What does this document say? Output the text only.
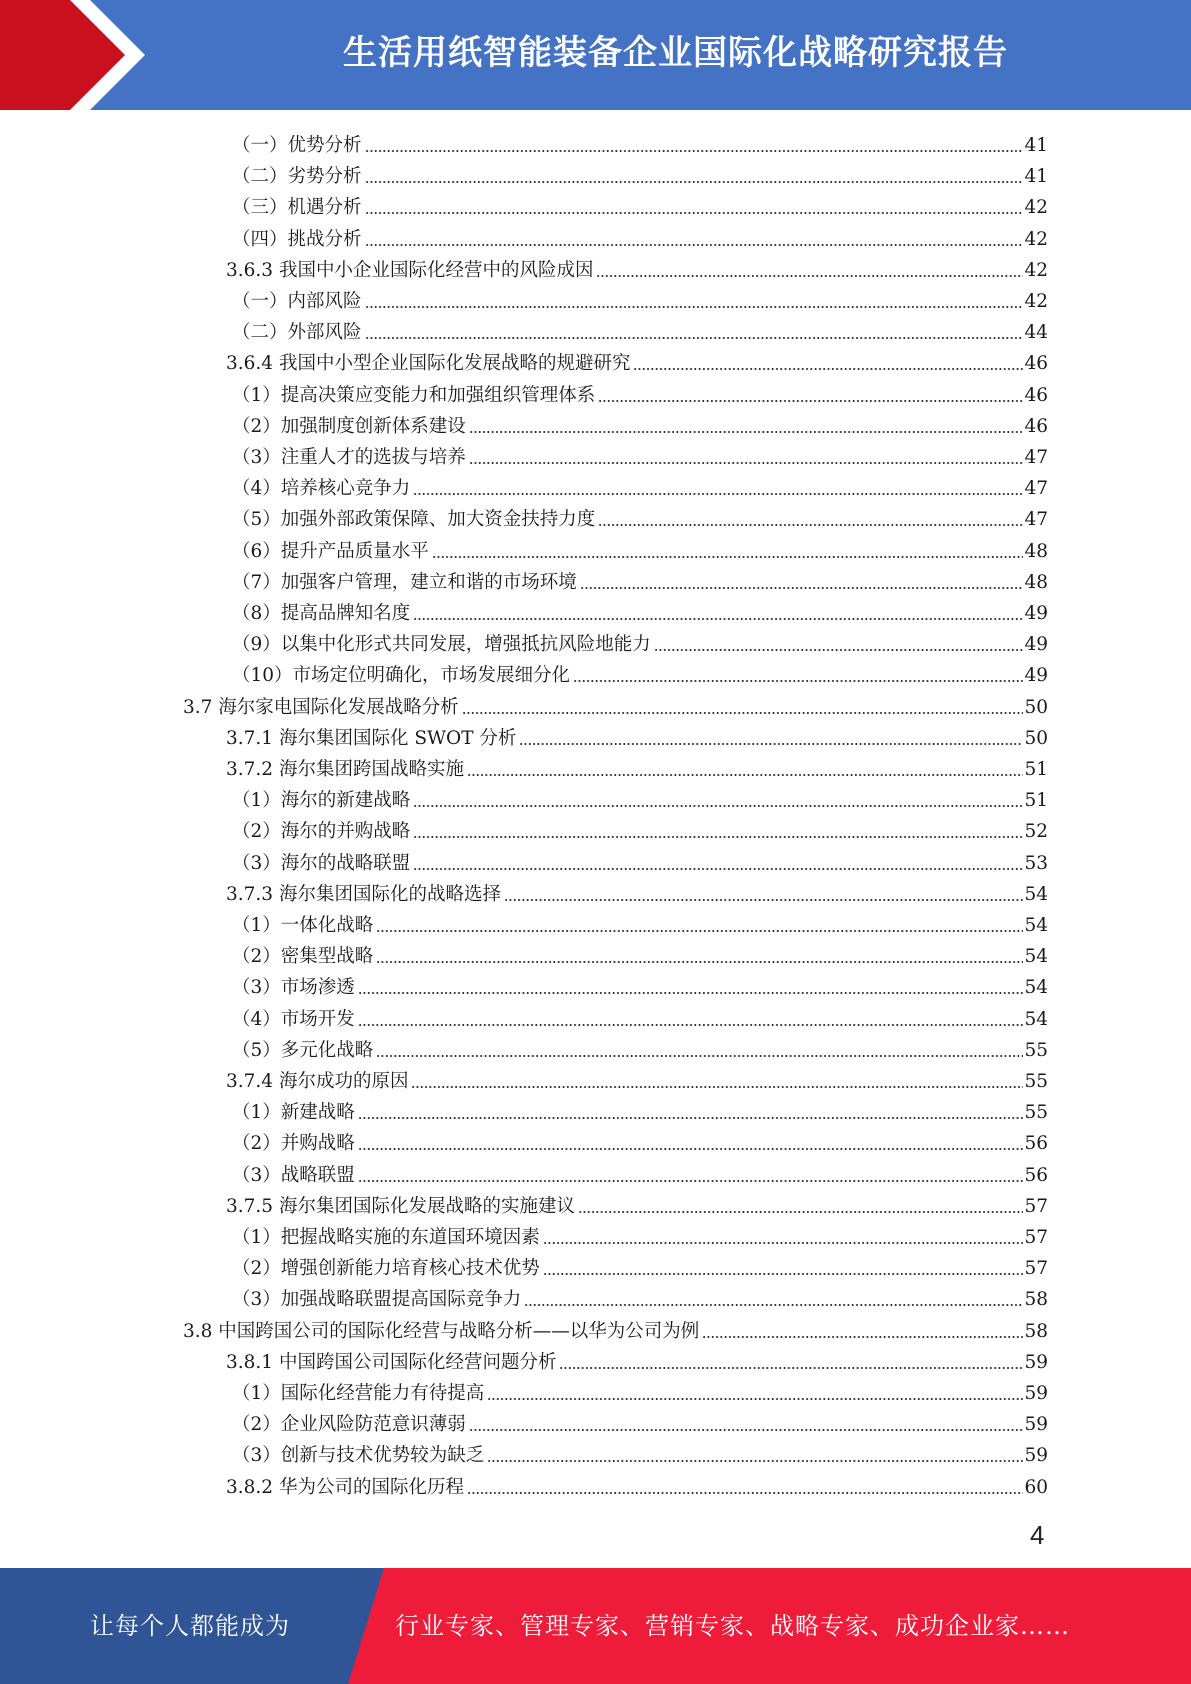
生活用纸智能装备企业国际化战略研究报告
（一）优势分析	41
（二）劣势分析	41
（三）机遇分析	42
（四）挑战分析	42
3.6.3 我国中小企业国际化经营中的风险成因	42
（一）内部风险	42
（二）外部风险	44
3.6.4 我国中小型企业国际化发展战略的规避研究	46
（1）提高决策应变能力和加强组织管理体系	46
（2）加强制度创新体系建设	46
（3）注重人才的选拔与培养	47
（4）培养核心竞争力	47
（5）加强外部政策保障、加大资金扶持力度	47
（6）提升产品质量水平	48
（7）加强客户管理，建立和谐的市场环境	48
（8）提高品牌知名度	49
（9）以集中化形式共同发展，增强抵抗风险地能力	49
（10）市场定位明确化，市场发展细分化	49
3.7 海尔家电国际化发展战略分析	50
3.7.1 海尔集团国际化 SWOT 分析	50
3.7.2 海尔集团跨国战略实施	51
（1）海尔的新建战略	51
（2）海尔的并购战略	52
（3）海尔的战略联盟	53
3.7.3 海尔集团国际化的战略选择	54
（1）一体化战略	54
（2）密集型战略	54
（3）市场渗透	54
（4）市场开发	54
（5）多元化战略	55
3.7.4 海尔成功的原因	55
（1）新建战略	55
（2）并购战略	56
（3）战略联盟	56
3.7.5 海尔集团国际化发展战略的实施建议	57
（1）把握战略实施的东道国环境因素	57
（2）增强创新能力培育核心技术优势	57
（3）加强战略联盟提高国际竞争力	58
3.8 中国跨国公司的国际化经营与战略分析——以华为公司为例	58
3.8.1 中国跨国公司国际化经营问题分析	59
（1）国际化经营能力有待提高	59
（2）企业风险防范意识薄弱	59
（3）创新与技术优势较为缺乏	59
3.8.2 华为公司的国际化历程	60
4
让每个人都能成为	行业专家、管理专家、营销专家、战略专家、成功企业家……
